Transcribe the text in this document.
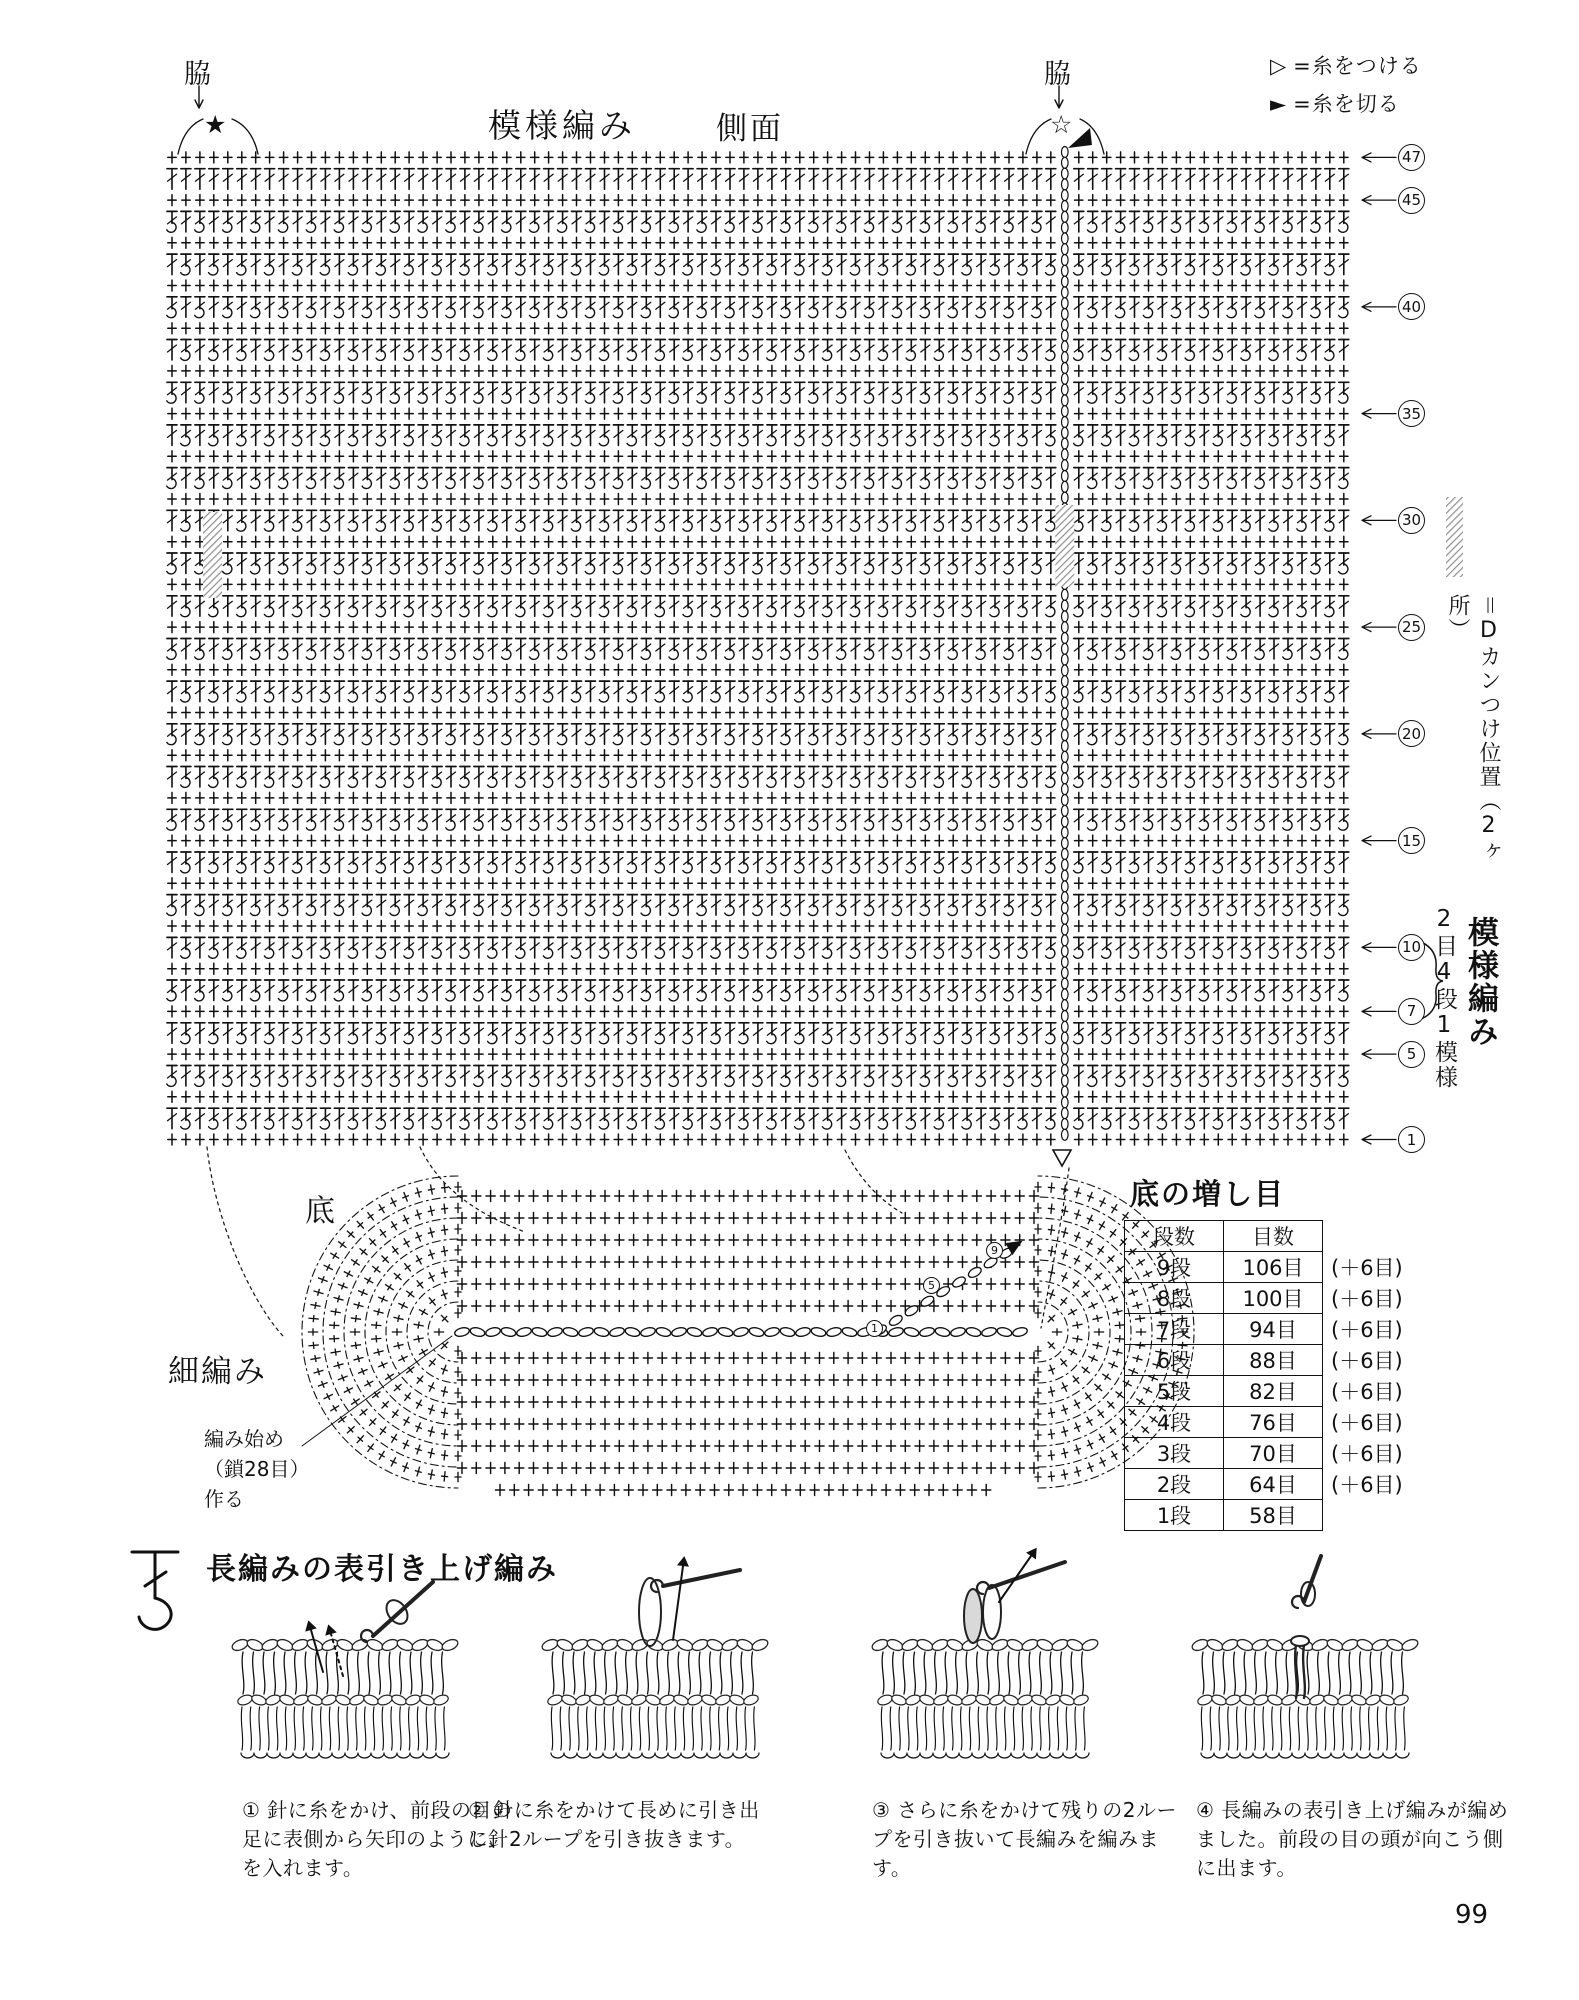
模様編み	側面
脇	脇
★	☆
▷ =糸をつける
► =糸を切る
＝Dカンつけ位置（2ヶ所）
2目4段1模様 模様編み
47
45
40
35
30
25
20
15
10
7
5
1
底
細編み
編み始め
（鎖28目）
作る
1
5
9
底の増し目
段数	目数	
9段	106目	(＋6目)
8段	100目	(＋6目)
7段	94目	(＋6目)
6段	88目	(＋6目)
5段	82目	(＋6目)
4段	76目	(＋6目)
3段	70目	(＋6目)
2段	64目	(＋6目)
1段	58目	
長編みの表引き上げ編み
① 針に糸をかけ、前段の目の足に表側から矢印のように針を入れます。
② 針に糸をかけて長めに引き出し、2ループを引き抜きます。
③ さらに糸をかけて残りの2ループを引き抜いて長編みを編みます。
④ 長編みの表引き上げ編みが編めました。前段の目の頭が向こう側に出ます。
99
